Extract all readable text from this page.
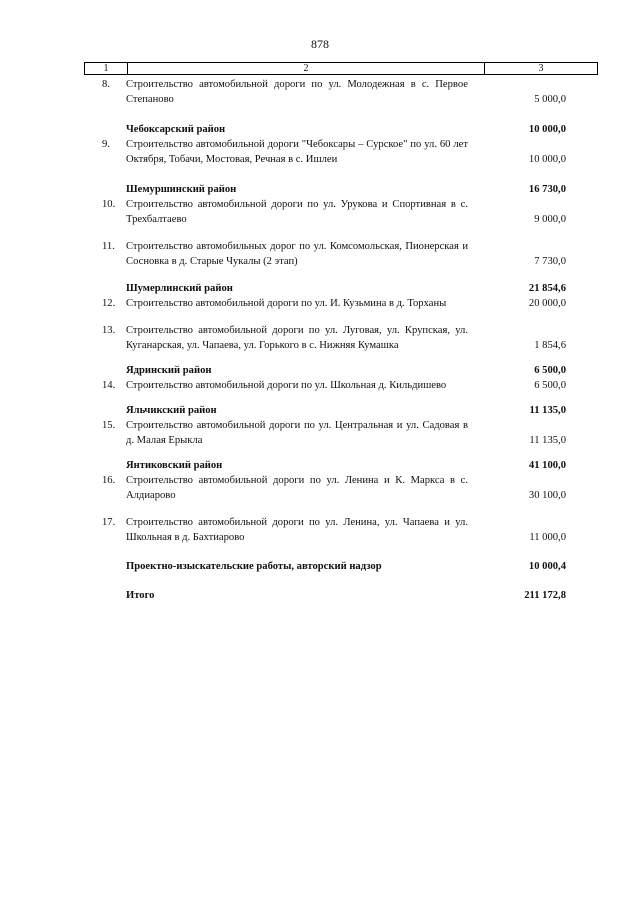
878
1	2	3
8.	Строительство автомобильной дороги по ул. Молодежная в с. Первое Степаново	5 000,0
Чебоксарский район	10 000,0
9.	Строительство автомобильной дороги "Чебоксары – Сурское" по ул. 60 лет Октября, Тобачи, Мостовая, Речная в с. Ишлеи	10 000,0
Шемуршинский район	16 730,0
10.	Строительство автомобильной дороги по ул. Урукова и Спортивная в с. Трехбалтаево	9 000,0
11.	Строительство автомобильных дорог по ул. Комсомольская, Пионерская и Сосновка в д. Старые Чукалы (2 этап)	7 730,0
Шумерлинский район	21 854,6
12.	Строительство автомобильной дороги по ул. И. Кузьмина в д. Торханы	20 000,0
13.	Строительство автомобильной дороги по ул. Луговая, ул. Крупская, ул. Куганарская, ул. Чапаева, ул. Горького в с. Нижняя Кумашка	1 854,6
Ядринский район	6 500,0
14.	Строительство автомобильной дороги по ул. Школьная д. Кильдишево	6 500,0
Яльчикский район	11 135,0
15.	Строительство автомобильной дороги по ул. Центральная и ул. Садовая в д. Малая Ерыкла	11 135,0
Янтиковский район	41 100,0
16.	Строительство автомобильной дороги по ул. Ленина и К. Маркса в с. Алдиарово	30 100,0
17.	Строительство автомобильной дороги по ул. Ленина, ул. Чапаева и ул. Школьная в д. Бахтиарово	11 000,0
Проектно-изыскательские работы, авторский надзор	10 000,4
Итого	211 172,8
